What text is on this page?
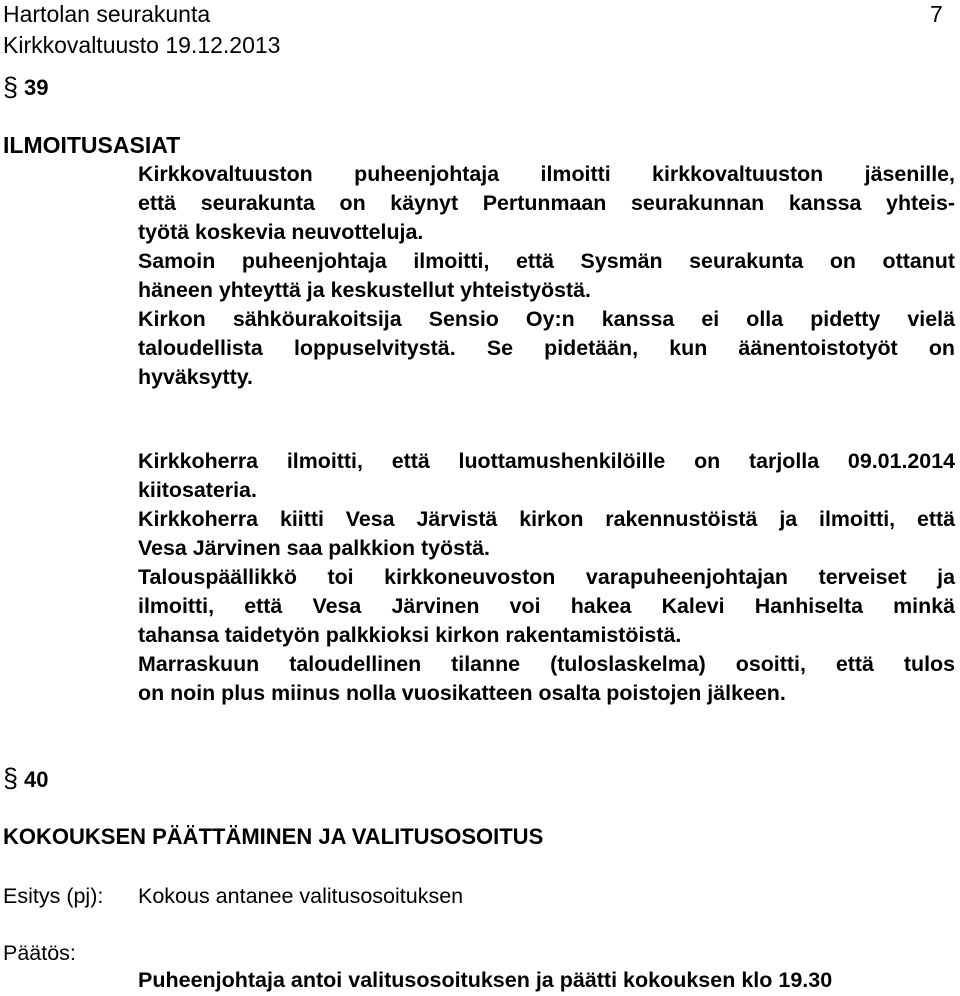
Hartolan seurakunta	7
Kirkkovaltuusto 19.12.2013
§ 39
ILMOITUSASIAT
Kirkkovaltuuston puheenjohtaja ilmoitti kirkkovaltuuston jäsenille,
että seurakunta on käynyt Pertunmaan seurakunnan kanssa yhteis-
työtä koskevia neuvotteluja.
Samoin puheenjohtaja ilmoitti, että Sysmän seurakunta on ottanut
häneen yhteyttä ja keskustellut yhteistyöstä.
Kirkon sähköurakoitsija Sensio Oy:n kanssa ei olla pidetty vielä
taloudellista loppuselvitystä. Se pidetään, kun äänentoistotyöt on
hyväksytty.
Kirkkoherra ilmoitti, että luottamushenkilöille on tarjolla 09.01.2014
kiitosateria.
Kirkkoherra kiitti Vesa Järvistä kirkon rakennustöistä ja ilmoitti, että
Vesa Järvinen saa palkkion työstä.
Talouspäällikkö toi kirkkoneuvoston varapuheenjohtajan terveiset ja
ilmoitti, että Vesa Järvinen voi hakea Kalevi Hanhiselta minkä
tahansa taidetyön palkkioksi kirkon rakentamistöistä.
Marraskuun taloudellinen tilanne (tuloslaskelma) osoitti, että tulos
on noin plus miinus nolla vuosikatteen osalta poistojen jälkeen.
§ 40
KOKOUKSEN PÄÄTTÄMINEN JA VALITUSOSOITUS
Esitys (pj): Kokous antanee valitusosoituksen
Päätös:
Puheenjohtaja antoi valitusosoituksen ja päätti kokouksen klo 19.30
